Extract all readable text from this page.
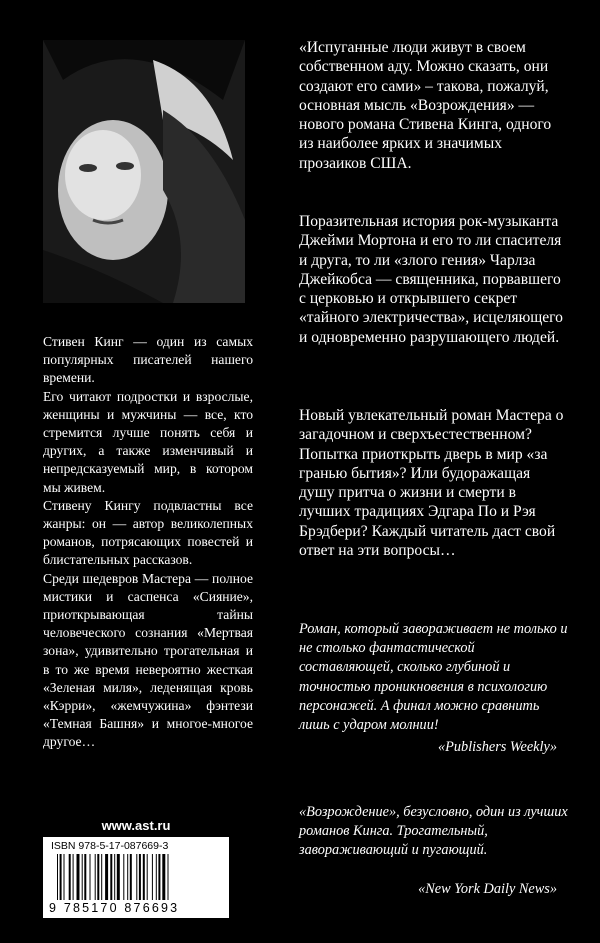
Стивен Кинг — один из самых популярных писателей нашего времени.

Его читают подростки и взрослые, женщины и мужчины — все, кто стремится лучше понять себя и других, а также изменчивый и непредсказуемый мир, в котором мы живем.

Стивену Кингу подвластны все жанры: он — автор великолепных романов, потрясающих повестей и блистательных рассказов.

Среди шедевров Мастера — полное мистики и саспенса «Сияние», приоткрывающая тайны человеческого сознания «Мертвая зона», удивительно трогательная и в то же время невероятно жесткая «Зеленая миля», леденящая кровь «Кэрри», «жемчужина» фэнтези «Темная Башня» и многое-многое другое…

«Испуганные люди живут в своем собственном аду. Можно сказать, они создают его сами» – такова, пожалуй, основная мысль «Возрождения» — нового романа Стивена Кинга, одного из наиболее ярких и значимых прозаиков США.

Поразительная история рок-музыканта Джейми Мортона и его то ли спасителя и друга, то ли «злого гения» Чарлза Джейкобса — священника, порвавшего с церковью и открывшего секрет «тайного электричества», исцеляющего и одновременно разрушающего людей.

Новый увлекательный роман Мастера о загадочном и сверхъестественном? Попытка приоткрыть дверь в мир «за гранью бытия»? Или будоражащая душу притча о жизни и смерти в лучших традициях Эдгара По и Рэя Брэдбери? Каждый читатель даст свой ответ на эти вопросы…

Роман, который завораживает не только и не столько фантастической составляющей, сколько глубиной и точностью проникновения в психологию персонажей. А финал можно сравнить лишь с ударом молнии!

«Publishers Weekly»

«Возрождение», безусловно, один из лучших романов Кинга. Трогательный, завораживающий и пугающий.

«New York Daily News»

www.ast.ru
ISBN 978-5-17-087669-3
9 785170 876693
